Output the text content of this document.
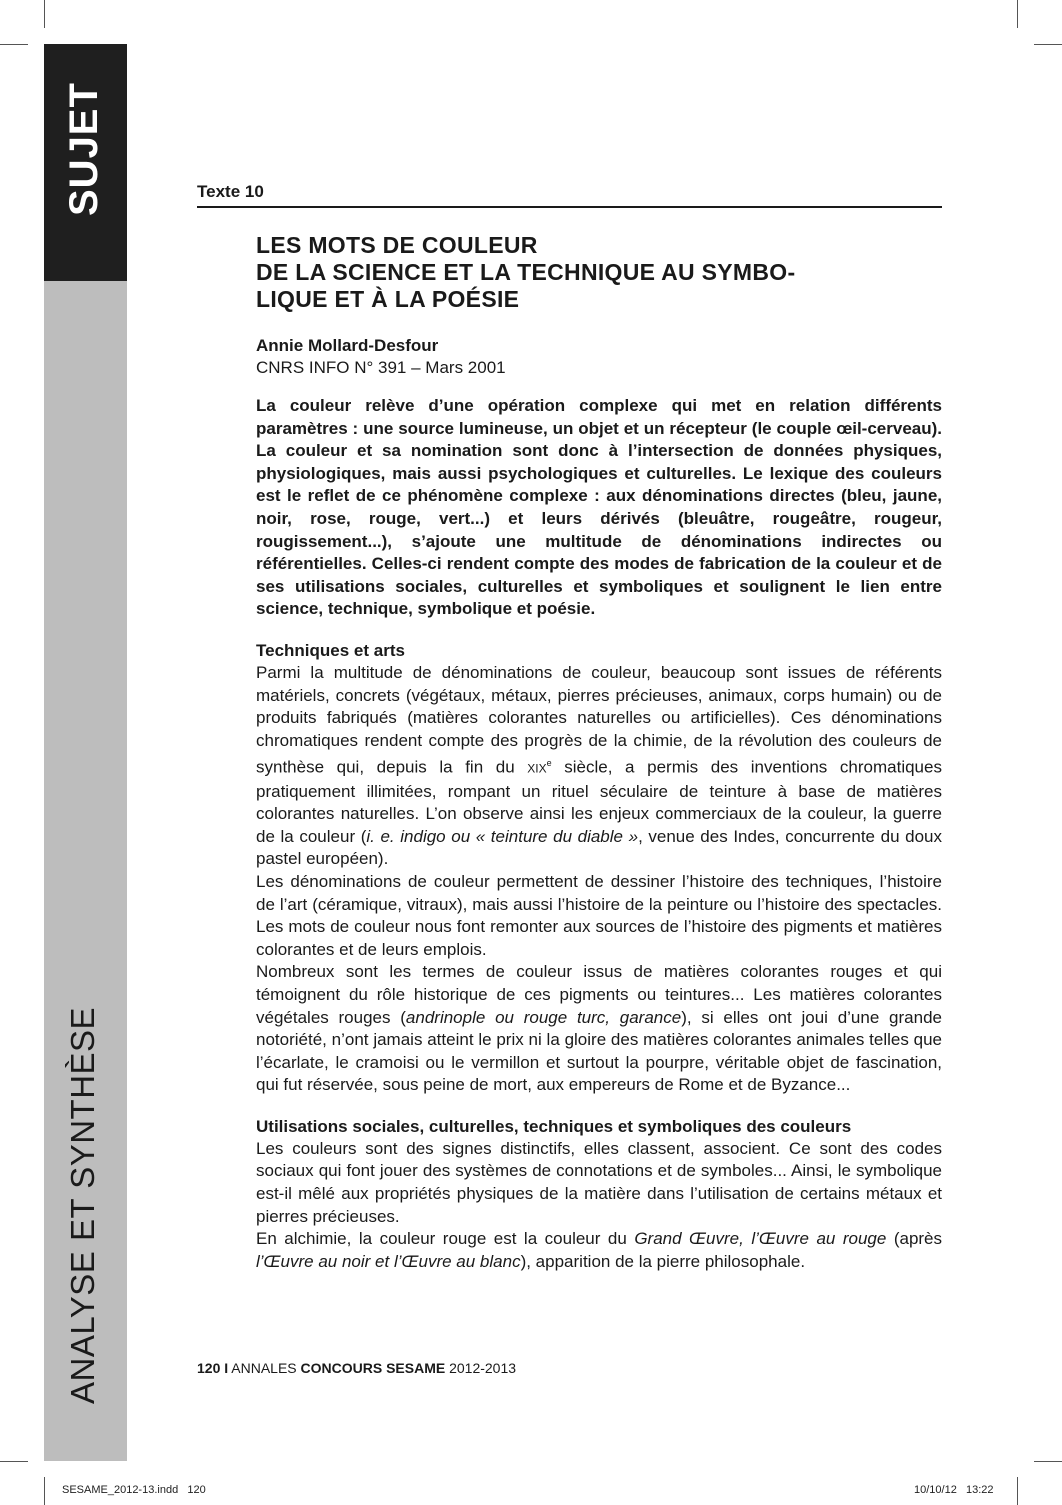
SUJET
ANALYSE ET SYNTHÈSE
Texte 10
LES MOTS DE COULEUR
DE LA SCIENCE ET LA TECHNIQUE AU SYMBO-
LIQUE ET À LA POÉSIE
Annie Mollard-Desfour
CNRS INFO N° 391 – Mars 2001
La couleur relève d’une opération complexe qui met en relation différents paramètres : une source lumineuse, un objet et un récepteur (le couple œil-cerveau). La couleur et sa nomination sont donc à l’intersection de données physiques, physiologiques, mais aussi psychologiques et culturelles. Le lexique des couleurs est le reflet de ce phénomène complexe : aux dénominations directes (bleu, jaune, noir, rose, rouge, vert...) et leurs dérivés (bleuâtre, rougeâtre, rougeur, rougissement...), s’ajoute une multitude de dénominations indirectes ou référentielles. Celles-ci rendent compte des modes de fabrication de la couleur et de ses utilisations sociales, culturelles et symboliques et soulignent le lien entre science, technique, symbolique et poésie.
Techniques et arts
Parmi la multitude de dénominations de couleur, beaucoup sont issues de référents matériels, concrets (végétaux, métaux, pierres précieuses, animaux, corps humain) ou de produits fabriqués (matières colorantes naturelles ou artificielles). Ces dénominations chromatiques rendent compte des progrès de la chimie, de la révolution des couleurs de synthèse qui, depuis la fin du XIXe siècle, a permis des inventions chromatiques pratiquement illimitées, rompant un rituel séculaire de teinture à base de matières colorantes naturelles. L’on observe ainsi les enjeux commerciaux de la couleur, la guerre de la couleur (i. e. indigo ou « teinture du diable », venue des Indes, concurrente du doux pastel européen).
Les dénominations de couleur permettent de dessiner l’histoire des techniques, l’histoire de l’art (céramique, vitraux), mais aussi l’histoire de la peinture ou l’histoire des spectacles. Les mots de couleur nous font remonter aux sources de l’histoire des pigments et matières colorantes et de leurs emplois.
Nombreux sont les termes de couleur issus de matières colorantes rouges et qui témoignent du rôle historique de ces pigments ou teintures... Les matières colorantes végétales rouges (andrinople ou rouge turc, garance), si elles ont joui d’une grande notoriété, n’ont jamais atteint le prix ni la gloire des matières colorantes animales telles que l’écarlate, le cramoisi ou le vermillon et surtout la pourpre, véritable objet de fascination, qui fut réservée, sous peine de mort, aux empereurs de Rome et de Byzance...
Utilisations sociales, culturelles, techniques et symboliques des couleurs
Les couleurs sont des signes distinctifs, elles classent, associent. Ce sont des codes sociaux qui font jouer des systèmes de connotations et de symboles... Ainsi, le symbolique est-il mêlé aux propriétés physiques de la matière dans l’utilisation de certains métaux et pierres précieuses.
En alchimie, la couleur rouge est la couleur du Grand Œuvre, l’Œuvre au rouge (après l’Œuvre au noir et l’Œuvre au blanc), apparition de la pierre philosophale.
120 I ANNALES CONCOURS SESAME 2012-2013
SESAME_2012-13.indd   120	10/10/12   13:22
